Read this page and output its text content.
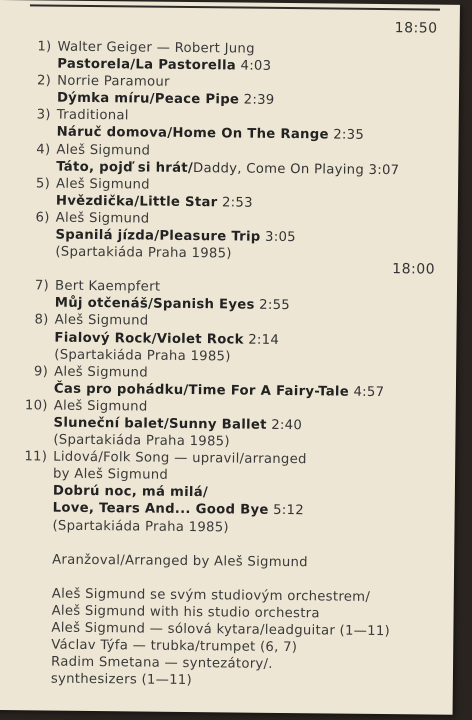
18:50
18:00
1) Walter Geiger — Robert Jung
Pastorela/La Pastorella 4:03
2) Norrie Paramour
Dýmka míru/Peace Pipe 2:39
3) Traditional
Náruč domova/Home On The Range 2:35
4) Aleš Sigmund
Táto, pojď si hrát/Daddy, Come On Playing 3:07
5) Aleš Sigmund
Hvězdička/Little Star 2:53
6) Aleš Sigmund
Spanilá jízda/Pleasure Trip 3:05
(Spartakiáda Praha 1985)
7) Bert Kaempfert
Můj otčenáš/Spanish Eyes 2:55
8) Aleš Sigmund
Fialový Rock/Violet Rock 2:14
(Spartakiáda Praha 1985)
9) Aleš Sigmund
Čas pro pohádku/Time For A Fairy-Tale 4:57
10) Aleš Sigmund
Sluneční balet/Sunny Ballet 2:40
(Spartakiáda Praha 1985)
11) Lidová/Folk Song — upravil/arranged
by Aleš Sigmund
Dobrú noc, má milá/
Love, Tears And... Good Bye 5:12
(Spartakiáda Praha 1985)
Aranžoval/Arranged by Aleš Sigmund
Aleš Sigmund se svým studiovým orchestrem/
Aleš Sigmund with his studio orchestra
Aleš Sigmund — sólová kytara/leadguitar (1—11)
Václav Týfa — trubka/trumpet (6, 7)
Radim Smetana — syntezátory/.
synthesizers (1—11)
